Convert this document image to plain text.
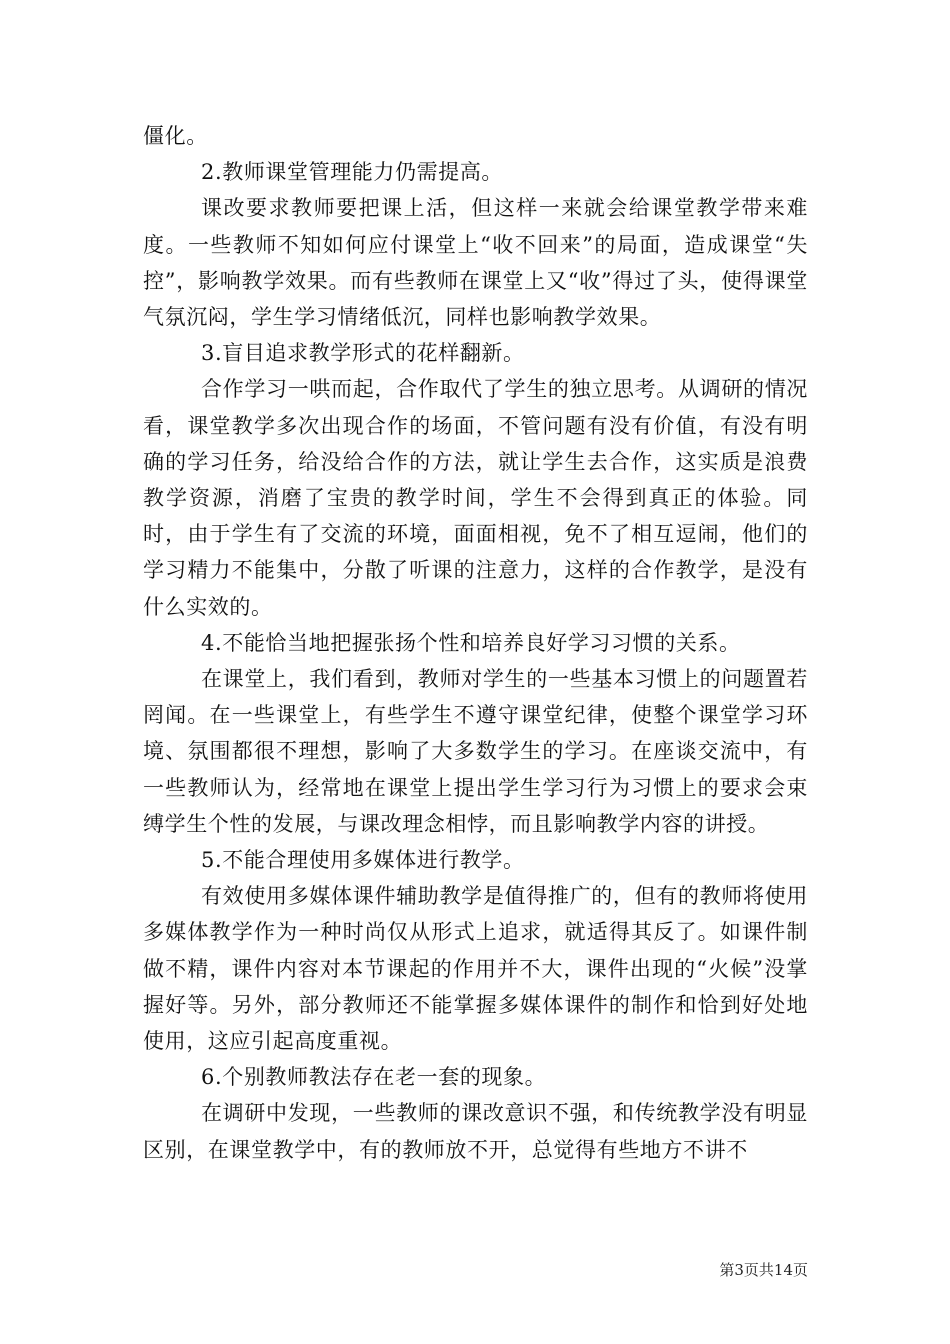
僵化。

2.教师课堂管理能力仍需提高。

课改要求教师要把课上活，但这样一来就会给课堂教学带来难度。一些教师不知如何应付课堂上“收不回来”的局面，造成课堂“失控”，影响教学效果。而有些教师在课堂上又“收”得过了头，使得课堂气氛沉闷，学生学习情绪低沉，同样也影响教学效果。

3.盲目追求教学形式的花样翻新。

合作学习一哄而起，合作取代了学生的独立思考。从调研的情况看，课堂教学多次出现合作的场面，不管问题有没有价值，有没有明确的学习任务，给没给合作的方法，就让学生去合作，这实质是浪费教学资源，消磨了宝贵的教学时间，学生不会得到真正的体验。同时，由于学生有了交流的环境，面面相视，免不了相互逗闹，他们的学习精力不能集中，分散了听课的注意力，这样的合作教学，是没有什么实效的。

4.不能恰当地把握张扬个性和培养良好学习习惯的关系。

在课堂上，我们看到，教师对学生的一些基本习惯上的问题置若罔闻。在一些课堂上，有些学生不遵守课堂纪律，使整个课堂学习环境、氛围都很不理想，影响了大多数学生的学习。在座谈交流中，有一些教师认为，经常地在课堂上提出学生学习行为习惯上的要求会束缚学生个性的发展，与课改理念相悖，而且影响教学内容的讲授。

5.不能合理使用多媒体进行教学。

有效使用多媒体课件辅助教学是值得推广的，但有的教师将使用多媒体教学作为一种时尚仅从形式上追求，就适得其反了。如课件制做不精，课件内容对本节课起的作用并不大，课件出现的“火候”没掌握好等。另外，部分教师还不能掌握多媒体课件的制作和恰到好处地使用，这应引起高度重视。

6.个别教师教法存在老一套的现象。

在调研中发现，一些教师的课改意识不强，和传统教学没有明显区别，在课堂教学中，有的教师放不开，总觉得有些地方不讲不

第3页共14页
